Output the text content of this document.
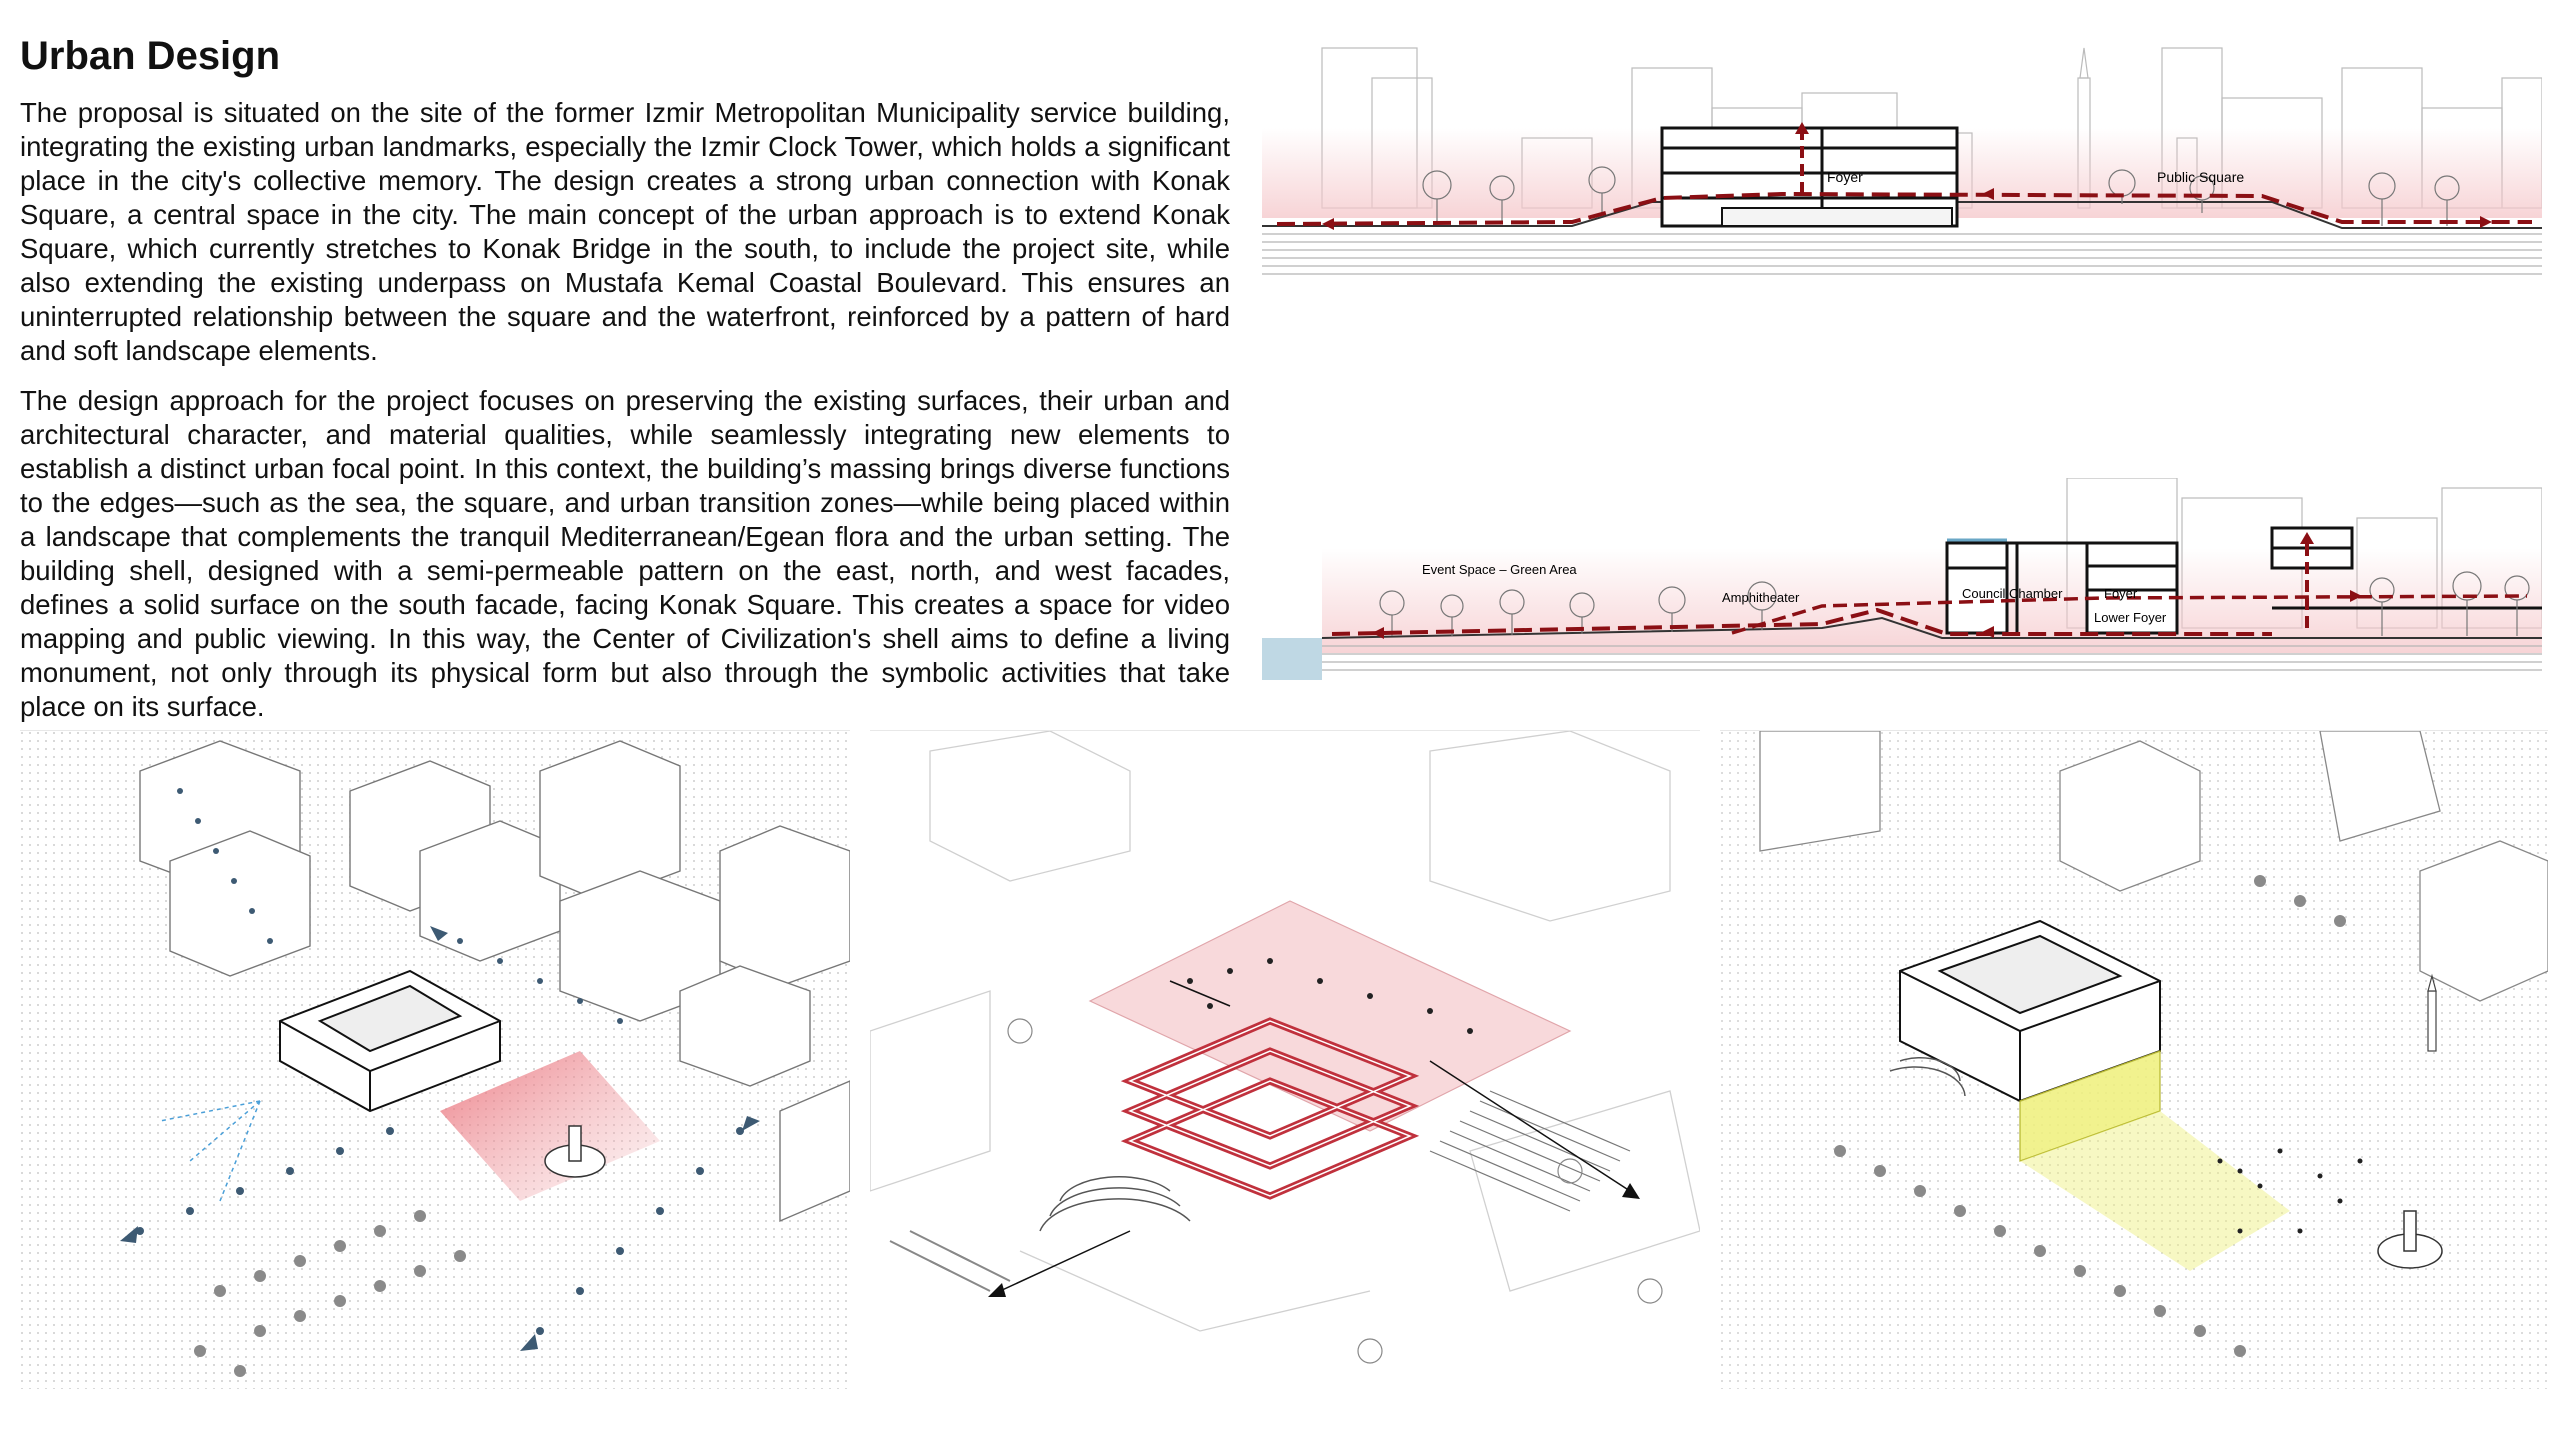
Urban Design

The proposal is situated on the site of the former Izmir Metropolitan Municipality service building, integrating the existing urban landmarks, especially the Izmir Clock Tower, which holds a significant place in the city's collective memory. The design creates a strong urban connection with Konak Square, a central space in the city. The main concept of the urban approach is to extend Konak Square, which currently stretches to Konak Bridge in the south, to include the project site, while also extending the existing underpass on Mustafa Kemal Coastal Boulevard. This ensures an uninterrupted relationship between the square and the waterfront, reinforced by a pattern of hard and soft landscape elements.

The design approach for the project focuses on preserving the existing surfaces, their urban and architectural character, and material qualities, while seamlessly integrating new elements to establish a distinct urban focal point. In this context, the building’s massing brings diverse functions to the edges—such as the sea, the square, and urban transition zones—while being placed within a landscape that complements the tranquil Mediterranean/Egean flora and the urban setting. The building shell, designed with a semi-permeable pattern on the east, north, and west facades, defines a solid surface on the south facade, facing Konak Square. This creates a space for video mapping and public viewing. In this way, the Center of Civilization's shell aims to define a living monument, not only through its physical form but also through the symbolic activities that take place on its surface.

Foyer	Public Square
Event Space – Green Area
Amphitheater	Council Chamber	Foyer
Lower Foyer
